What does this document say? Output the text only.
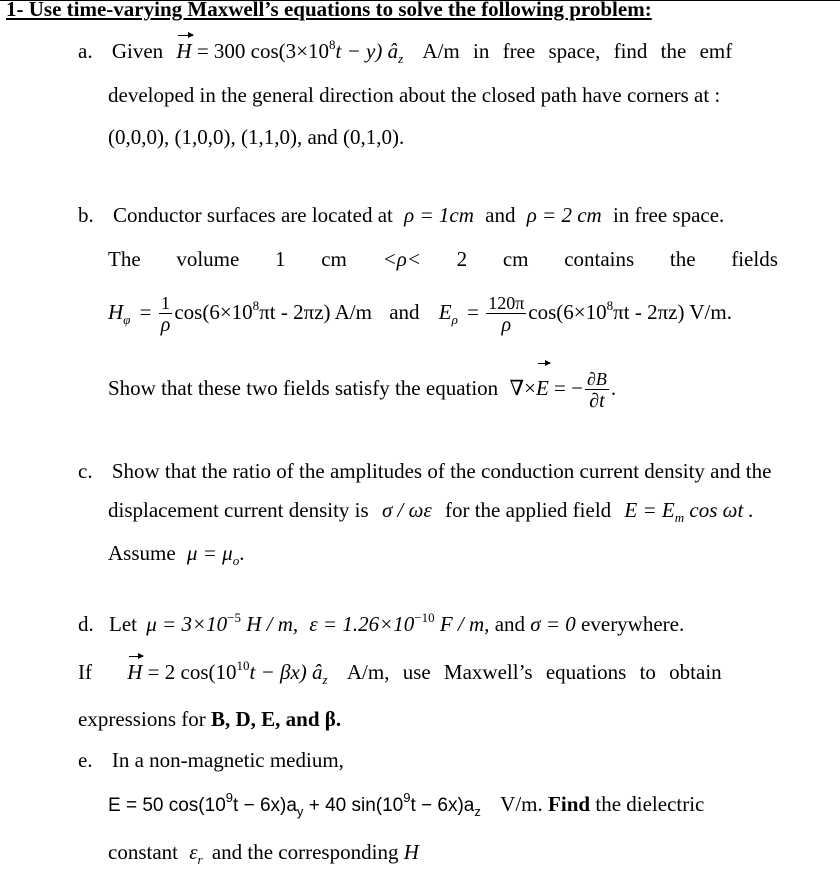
1- Use time-varying Maxwell’s equations to solve the following problem:
a. Given H = 300 $\cos(3\times 10^8t - y)$ $â_z$ A/m in free space, find the emf
developed in the general direction about the closed path have corners at :
(0,0,0), (1,0,0), (1,1,0), and (0,1,0).
b. Conductor surfaces are located at ρ = 1cm and ρ = 2 cm in free space.
The volume 1 cm <ρ< 2 cm contains the fields
$H_\varphi = \frac{1}{\rho} \cos(6\times 10^8\pi t - 2\pi z)$ A/m and $E_\rho = \frac{120\pi}{\rho} \cos(6\times 10^8\pi t - 2\pi z)$ V/m.
Show that these two fields satisfy the equation ∇×E = − $\frac{\partial B}{\partial t}$ .
c. Show that the ratio of the amplitudes of the conduction current density and the
displacement current density is σ / ωε for the applied field $E = E_m$ cos ωt .
Assume $\mu = \mu_o$.
d. Let $\mu = 3\times 10^{-5}$ H / m, $\varepsilon = 1.26\times 10^{-10}$ F / m, and σ = 0 everywhere.
If H = 2 $\cos(10^{10}t - \beta x)$ $â_z$ A/m, use Maxwell’s equations to obtain
expressions for B, D, E, and β.
e. In a non-magnetic medium,
E = 50 $\cos(10^9t - 6x)a_y + 40$ $\sin(10^9t - 6x)a_z$ V/m. Find the dielectric
constant $\varepsilon_r$ and the corresponding H
